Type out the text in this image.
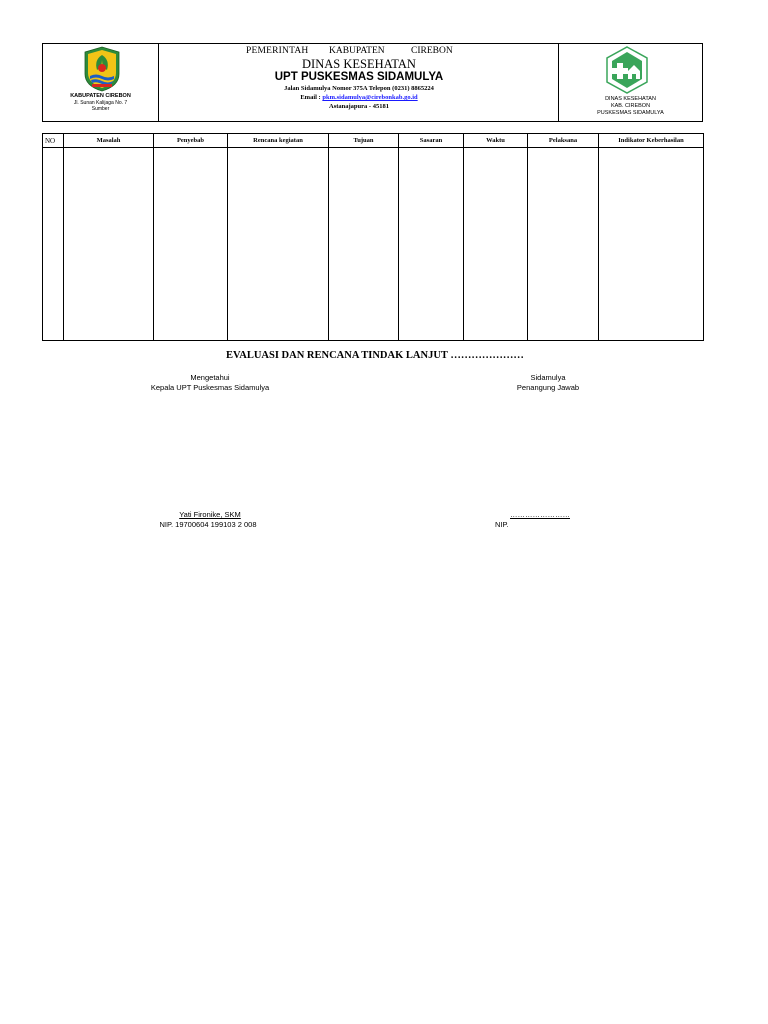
KABUPATEN CIREBON
Jl. Sunan Kalijaga No. 7
Sumber
DINAS KESEHATAN
KAB. CIREBON
PUSKESMAS SIDAMULYA
PEMERINTAH KABUPATEN	CIREBON
DINAS KESEHATAN
UPT PUSKESMAS SIDAMULYA
Jalan Sidamulya Nomor 375A Telepon (0231) 8865224
Email : pkm.sidamulya@cirebonkab.go.id
Astanajapura - 45181
NO	Masalah	Penyebab	Rencana kegiatan	Tujuan	Sasaran	Waktu	Pelaksana	Indikator Keberhasilan

EVALUASI DAN RENCANA TINDAK LANJUT …………………
Mengetahui
Kepala UPT Puskesmas Sidamulya
Yati Fironike, SKM
NIP. 19700604 199103 2 008
Sidamulya
Penangung Jawab
……………………
NIP.
